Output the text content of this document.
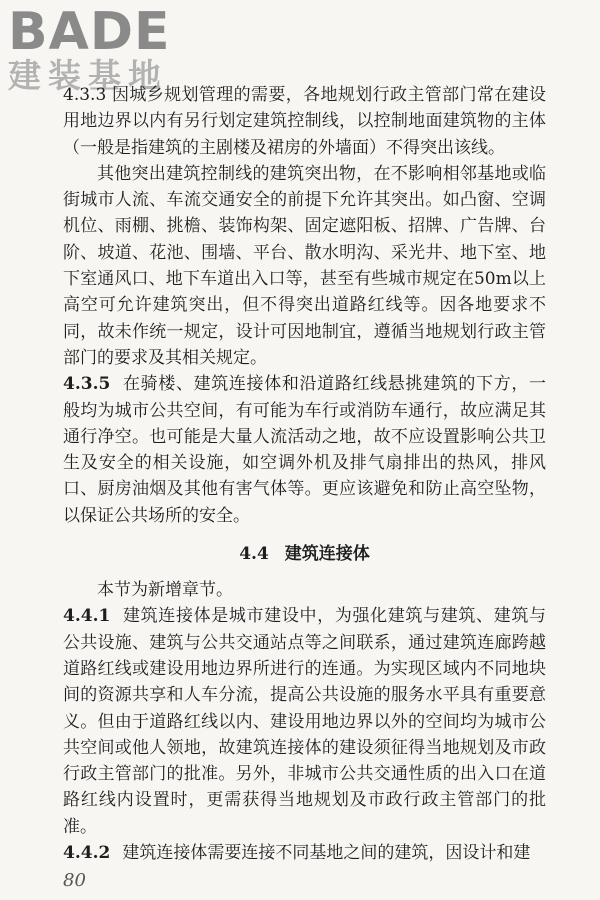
BADE
建装基地

4.3.3 因城乡规划管理的需要，各地规划行政主管部门常在建设用地边界以内有另行划定建筑控制线，以控制地面建筑物的主体（一般是指建筑的主剧楼及裙房的外墙面）不得突出该线。

其他突出建筑控制线的建筑突出物，在不影响相邻基地或临街城市人流、车流交通安全的前提下允许其突出。如凸窗、空调机位、雨棚、挑檐、装饰构架、固定遮阳板、招牌、广告牌、台阶、坡道、花池、围墙、平台、散水明沟、采光井、地下室、地下室通风口、地下车道出入口等，甚至有些城市规定在50m以上高空可允许建筑突出，但不得突出道路红线等。因各地要求不同，故未作统一规定，设计可因地制宜，遵循当地规划行政主管部门的要求及其相关规定。

4.3.5 在骑楼、建筑连接体和沿道路红线悬挑建筑的下方，一般均为城市公共空间，有可能为车行或消防车通行，故应满足其通行净空。也可能是大量人流活动之地，故不应设置影响公共卫生及安全的相关设施，如空调外机及排气扇排出的热风，排风口、厨房油烟及其他有害气体等。更应该避免和防止高空坠物，以保证公共场所的安全。

4.4 建筑连接体

本节为新增章节。

4.4.1 建筑连接体是城市建设中，为强化建筑与建筑、建筑与公共设施、建筑与公共交通站点等之间联系，通过建筑连廊跨越道路红线或建设用地边界所进行的连通。为实现区域内不同地块间的资源共享和人车分流，提高公共设施的服务水平具有重要意义。但由于道路红线以内、建设用地边界以外的空间均为城市公共空间或他人领地，故建筑连接体的建设须征得当地规划及市政行政主管部门的批准。另外，非城市公共交通性质的出入口在道路红线内设置时，更需获得当地规划及市政行政主管部门的批准。

4.4.2 建筑连接体需要连接不同基地之间的建筑，因设计和建

80
